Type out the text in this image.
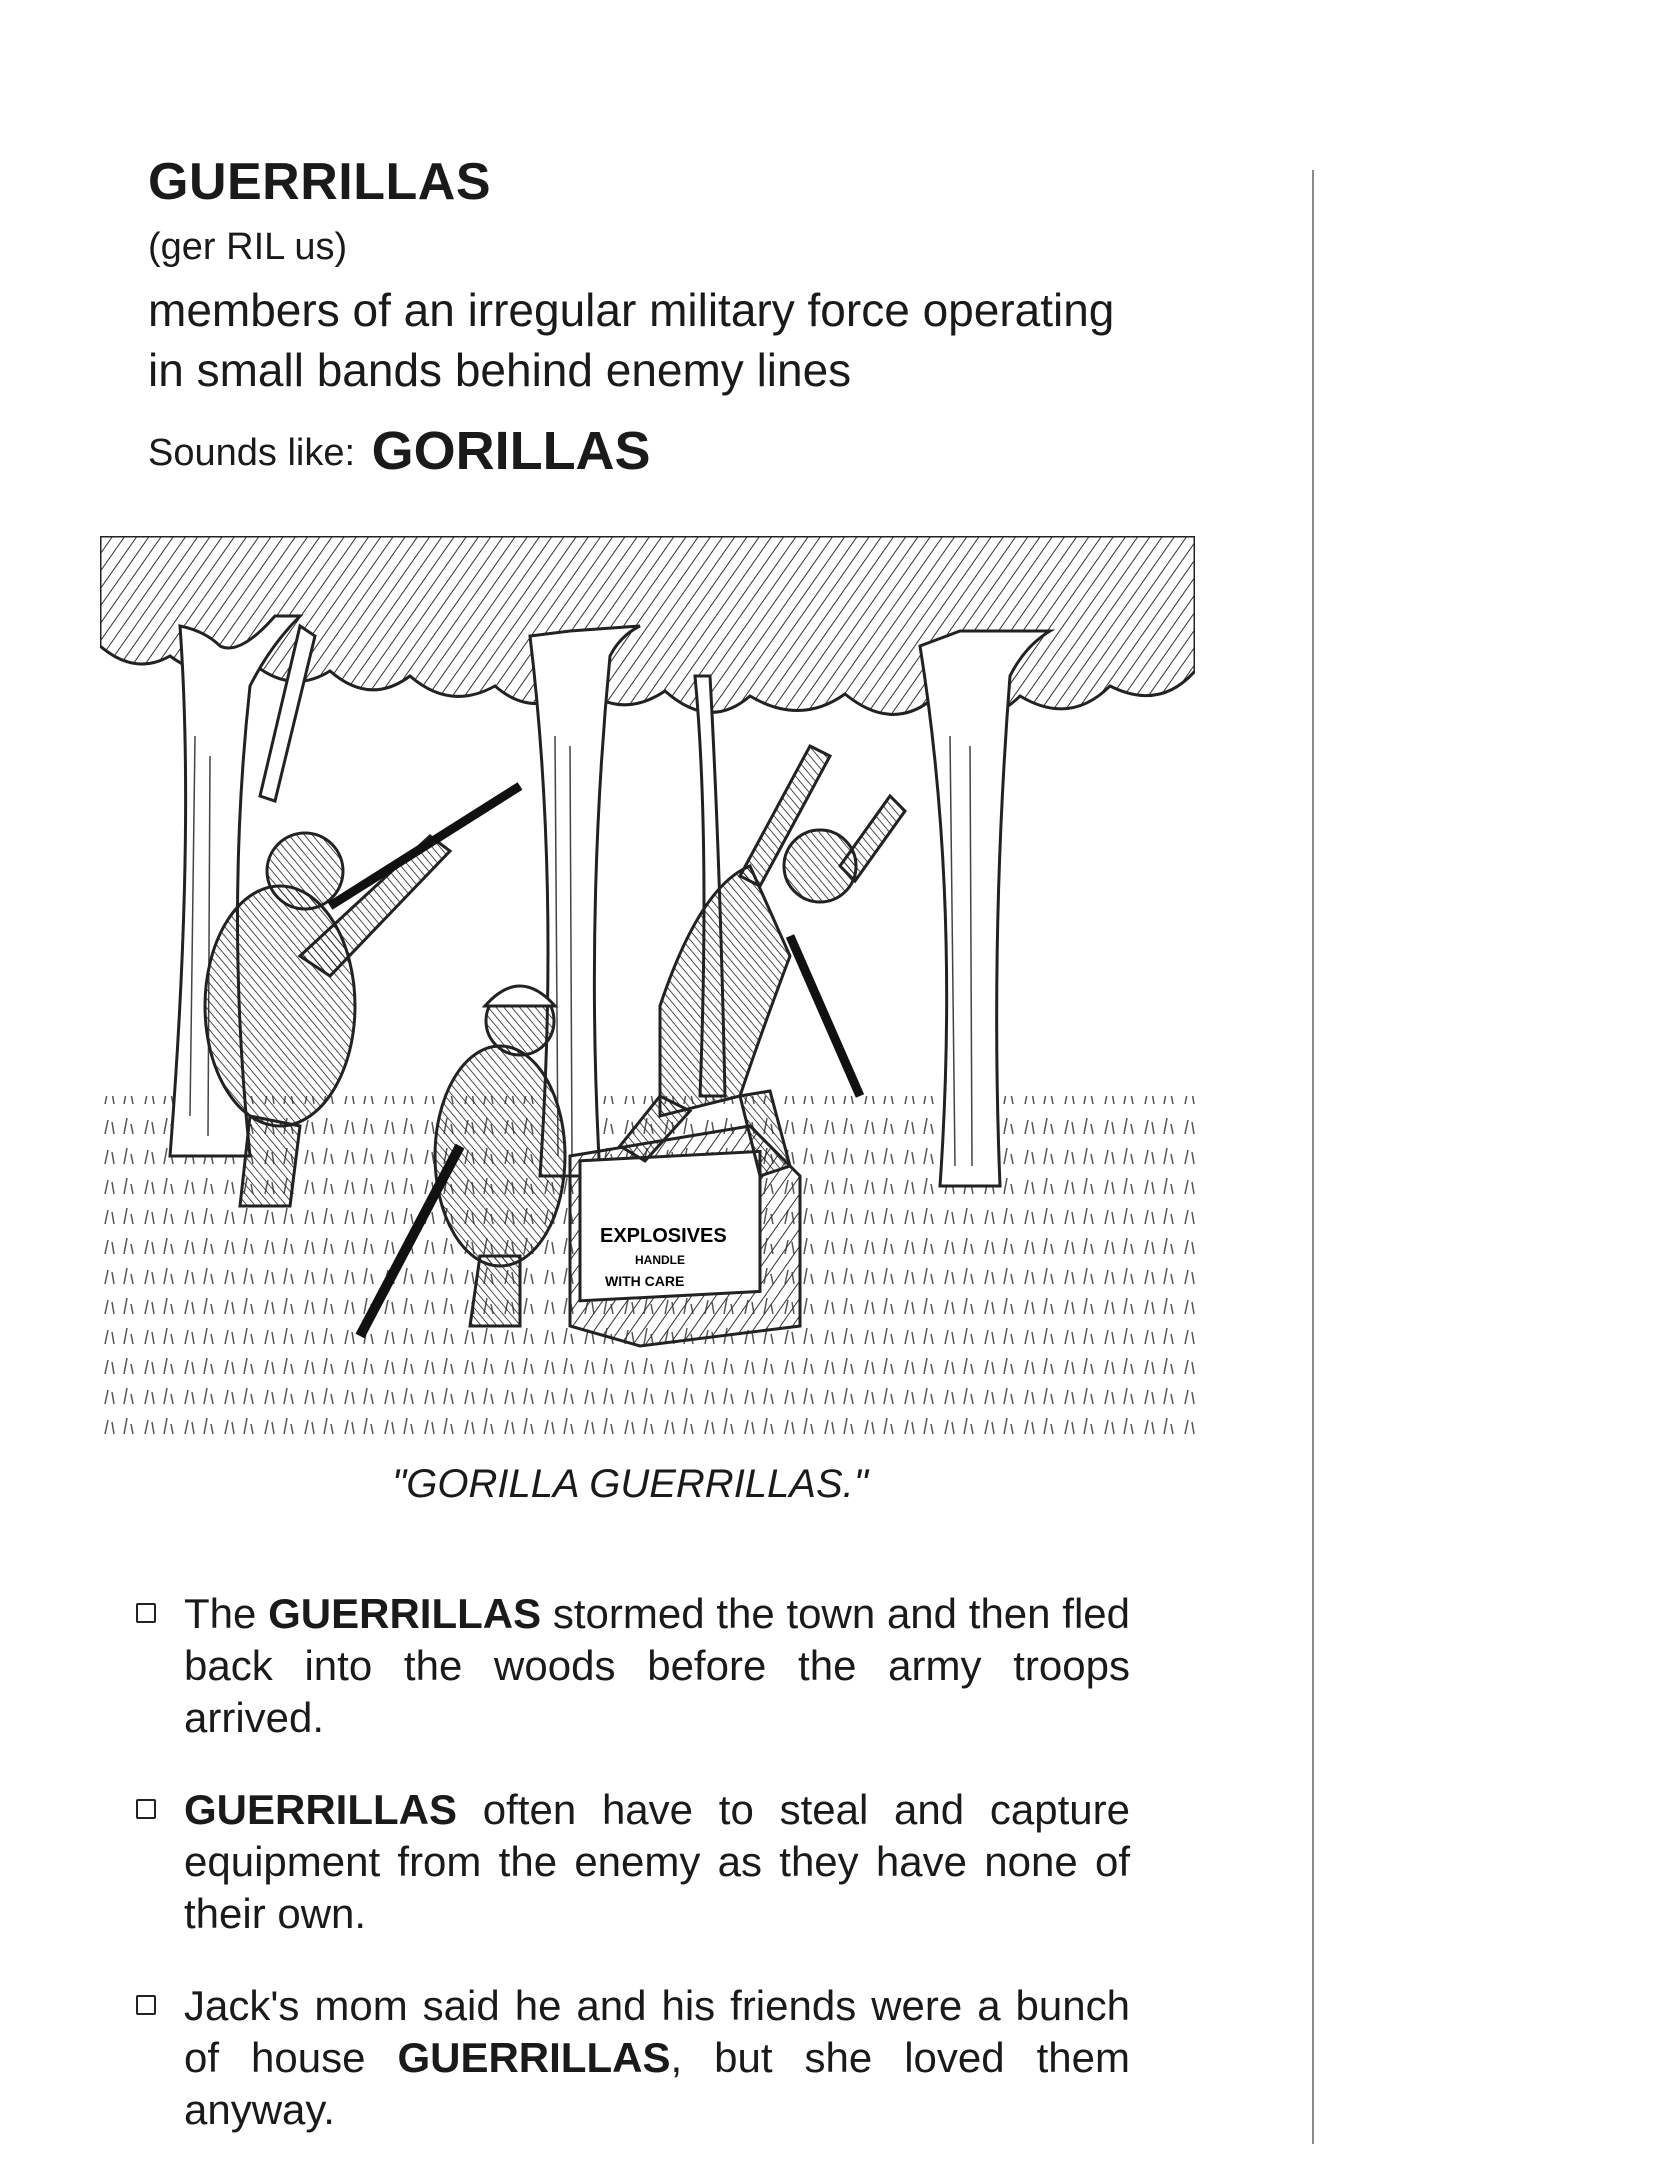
GUERRILLAS
(ger RIL us)
members of an irregular military force operating in small bands behind enemy lines
Sounds like: GORILLAS
EXPLOSIVES
HANDLE
WITH CARE
"GORILLA GUERRILLAS."
The GUERRILLAS stormed the town and then fled back into the woods before the army troops arrived.
GUERRILLAS often have to steal and capture equipment from the enemy as they have none of their own.
Jack's mom said he and his friends were a bunch of house GUERRILLAS, but she loved them anyway.
